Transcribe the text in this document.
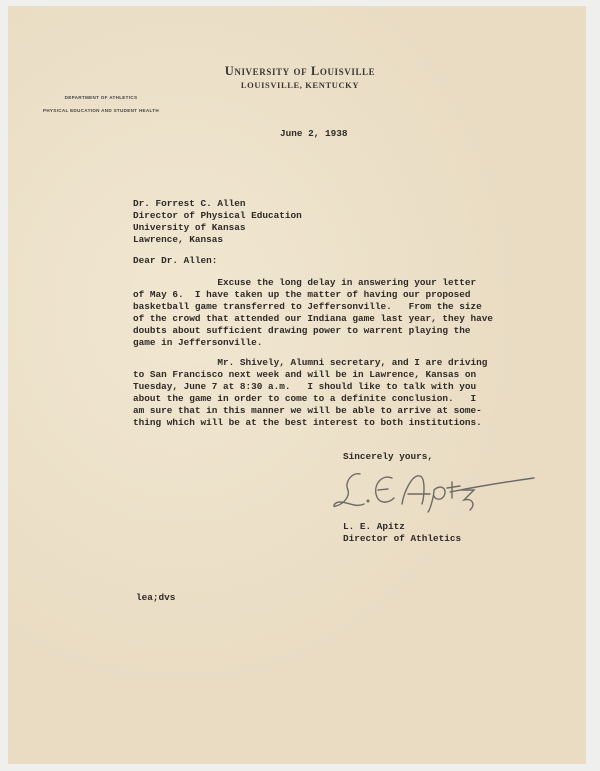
University of Louisville
LOUISVILLE, KENTUCKY
DEPARTMENT OF ATHLETICS
PHYSICAL EDUCATION AND STUDENT HEALTH
June 2, 1938
Dr. Forrest C. Allen
Director of Physical Education
University of Kansas
Lawrence, Kansas
Dear Dr. Allen:
Excuse the long delay in answering your letter
of May 6.  I have taken up the matter of having our proposed
basketball game transferred to Jeffersonville.   From the size
of the crowd that attended our Indiana game last year, they have
doubts about sufficient drawing power to warrent playing the
game in Jeffersonville.
Mr. Shively, Alumni secretary, and I are driving
to San Francisco next week and will be in Lawrence, Kansas on
Tuesday, June 7 at 8:30 a.m.   I should like to talk with you
about the game in order to come to a definite conclusion.   I
am sure that in this manner we will be able to arrive at some-
thing which will be at the best interest to both institutions.
Sincerely yours,
L. E. Apitz
Director of Athletics
lea;dvs
